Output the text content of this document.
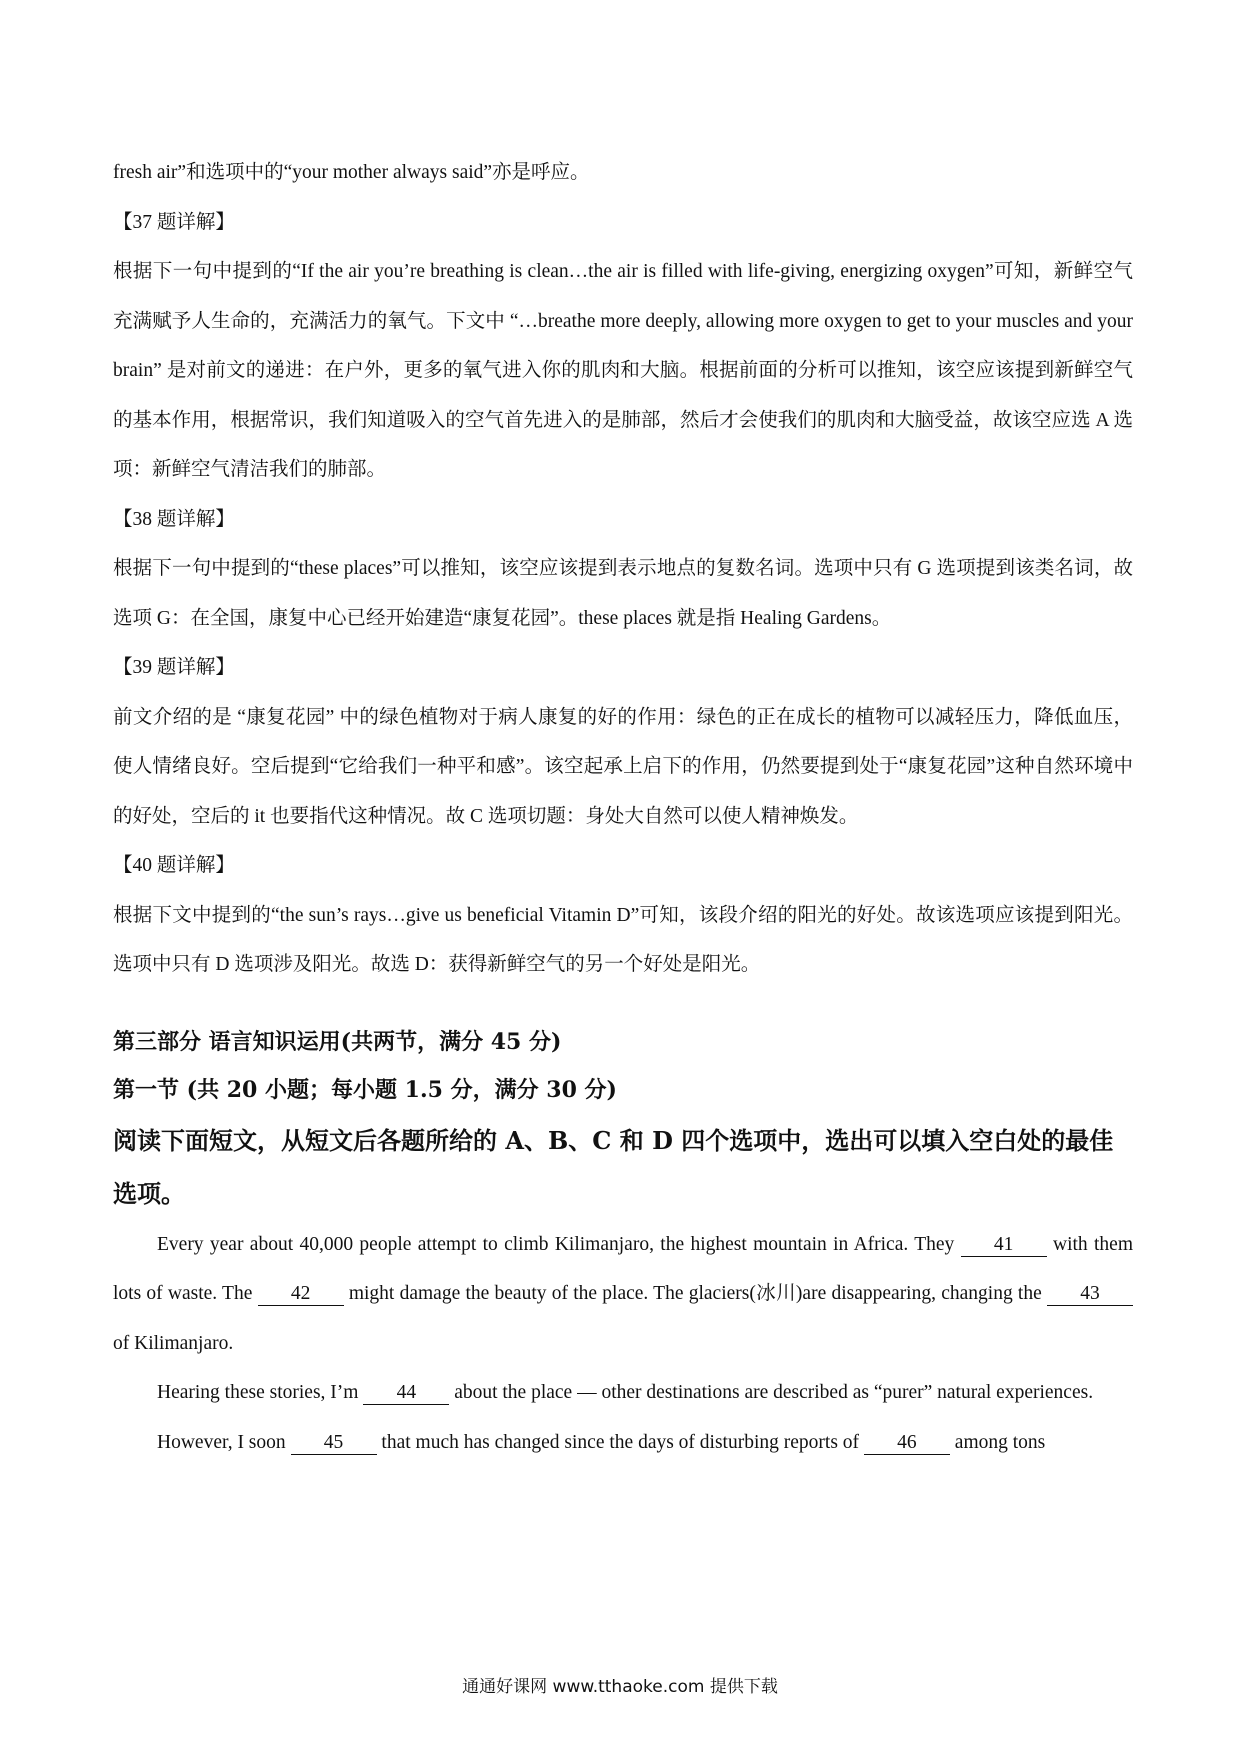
fresh air”和选项中的“your mother always said”亦是呼应。

【37 题详解】

根据下一句中提到的“If the air you’re breathing is clean…the air is filled with life-giving, energizing oxygen”可知，新鲜空气充满赋予人生命的，充满活力的氧气。下文中 “…breathe more deeply, allowing more oxygen to get to your muscles and your brain” 是对前文的递进：在户外，更多的氧气进入你的肌肉和大脑。根据前面的分析可以推知，该空应该提到新鲜空气的基本作用，根据常识，我们知道吸入的空气首先进入的是肺部，然后才会使我们的肌肉和大脑受益，故该空应选 A 选项：新鲜空气清洁我们的肺部。

【38 题详解】

根据下一句中提到的“these places”可以推知，该空应该提到表示地点的复数名词。选项中只有 G 选项提到该类名词，故选项 G：在全国，康复中心已经开始建造“康复花园”。these places 就是指 Healing Gardens。

【39 题详解】

前文介绍的是 “康复花园” 中的绿色植物对于病人康复的好的作用：绿色的正在成长的植物可以减轻压力，降低血压，使人情绪良好。空后提到“它给我们一种平和感”。该空起承上启下的作用，仍然要提到处于“康复花园”这种自然环境中的好处，空后的 it 也要指代这种情况。故 C 选项切题：身处大自然可以使人精神焕发。

【40 题详解】

根据下文中提到的“the sun’s rays…give us beneficial Vitamin D”可知，该段介绍的阳光的好处。故该选项应该提到阳光。选项中只有 D 选项涉及阳光。故选 D：获得新鲜空气的另一个好处是阳光。

第三部分 语言知识运用(共两节，满分 45 分)

第一节 (共 20 小题；每小题 1.5 分，满分 30 分)

阅读下面短文，从短文后各题所给的 A、B、C 和 D 四个选项中，选出可以填入空白处的最佳选项。

Every year about 40,000 people attempt to climb Kilimanjaro, the highest mountain in Africa. They 41 with them lots of waste. The 42 might damage the beauty of the place. The glaciers(冰川)are disappearing, changing the 43 of Kilimanjaro.

Hearing these stories, I’m 44 about the place — other destinations are described as “purer” natural experiences.

However, I soon 45 that much has changed since the days of disturbing reports of 46 among tons

通通好课网 www.tthaoke.com 提供下载
